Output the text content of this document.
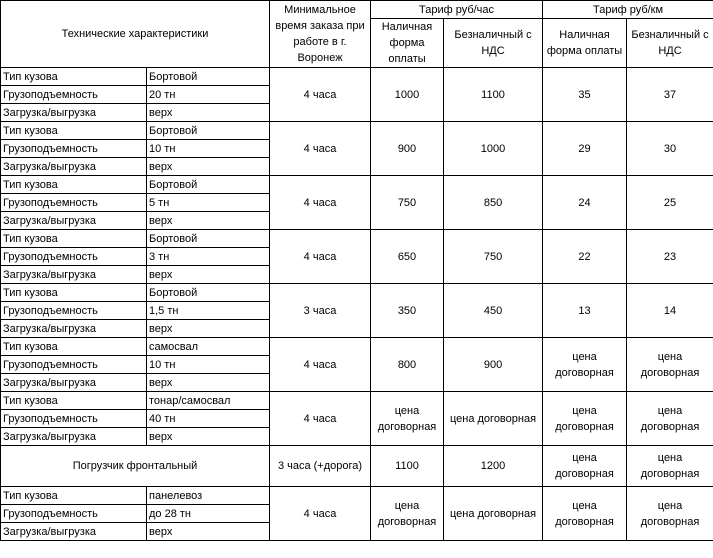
Технические характеристики		Минимальное время заказа при работе в г. Воронеж	Тариф руб/час		Тариф руб/км	
			Наличная форма оплаты	Безналичный с НДС	Наличная форма оплаты	Безналичный с НДС
Тип кузова	Бортовой	4 часа	1000	1100	35	37
Грузоподъемность	20 тн					
Загрузка/выгрузка	верх					
Тип кузова	Бортовой	4 часа	900	1000	29	30
Грузоподъемность	10 тн					
Загрузка/выгрузка	верх					
Тип кузова	Бортовой	4 часа	750	850	24	25
Грузоподъемность	5 тн					
Загрузка/выгрузка	верх					
Тип кузова	Бортовой	4 часа	650	750	22	23
Грузоподъемность	3 тн					
Загрузка/выгрузка	верх					
Тип кузова	Бортовой	3 часа	350	450	13	14
Грузоподъемность	1,5 тн					
Загрузка/выгрузка	верх					
Тип кузова	самосвал	4 часа	800	900	цена договорная	цена договорная
Грузоподъемность	10 тн					
Загрузка/выгрузка	верх					
Тип кузова	тонар/самосвал	4 часа	цена договорная	цена договорная	цена договорная	цена договорная
Грузоподъемность	40 тн					
Загрузка/выгрузка	верх					
Погрузчик фронтальный		3 часа (+дорога)	1100	1200	цена договорная	цена договорная
Тип кузова	панелевоз	4 часа	цена договорная	цена договорная	цена договорная	цена договорная
Грузоподъемность	до 28 тн					
Загрузка/выгрузка	верх					
